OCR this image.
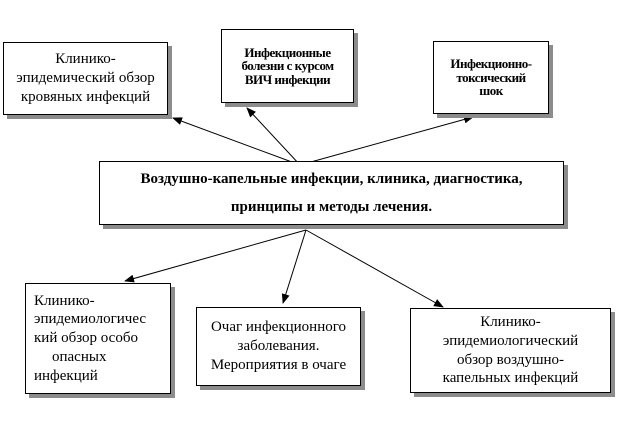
Клинико-
эпидемический обзор
кровяных инфекций
Инфекционные
болезни с курсом
ВИЧ инфекции
Инфекционно-
токсический
шок
Воздушно-капельные инфекции, клиника, диагностика,
принципы и методы лечения.
Клинико-
эпидемиологичес
кий обзор особо
опасных
инфекций
Очаг инфекционного
заболевания.
Мероприятия в очаге
Клинико-
эпидемиологический
обзор воздушно-
капельных инфекций
